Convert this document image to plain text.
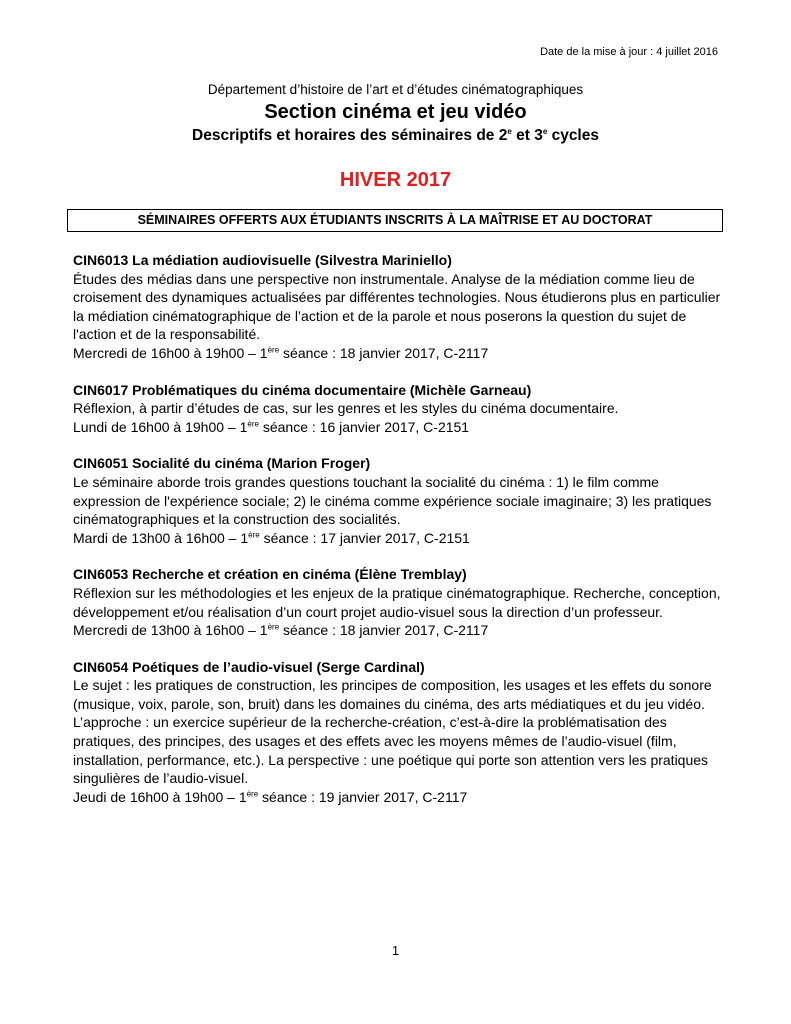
Date de la mise à jour : 4 juillet 2016
Département d’histoire de l’art et d’études cinématographiques
Section cinéma et jeu vidéo
Descriptifs et horaires des séminaires de 2e et 3e cycles
HIVER 2017
SÉMINAIRES OFFERTS AUX ÉTUDIANTS INSCRITS À LA MAÎTRISE ET AU DOCTORAT
CIN6013 La médiation audiovisuelle (Silvestra Mariniello)
Études des médias dans une perspective non instrumentale. Analyse de la médiation comme lieu de croisement des dynamiques actualisées par différentes technologies. Nous étudierons plus en particulier la médiation cinématographique de l’action et de la parole et nous poserons la question du sujet de l'action et de la responsabilité.
Mercredi de 16h00 à 19h00 – 1ère séance : 18 janvier 2017, C-2117
CIN6017 Problématiques du cinéma documentaire (Michèle Garneau)
Réflexion, à partir d’études de cas, sur les genres et les styles du cinéma documentaire.
Lundi de 16h00 à 19h00 – 1ère séance : 16 janvier 2017, C-2151
CIN6051 Socialité du cinéma (Marion Froger)
Le séminaire aborde trois grandes questions touchant la socialité du cinéma : 1) le film comme expression de l'expérience sociale; 2) le cinéma comme expérience sociale imaginaire; 3) les pratiques cinématographiques et la construction des socialités.
Mardi de 13h00 à 16h00 – 1ère séance : 17 janvier 2017, C-2151
CIN6053 Recherche et création en cinéma (Élène Tremblay)
Réflexion sur les méthodologies et les enjeux de la pratique cinématographique. Recherche, conception, développement et/ou réalisation d’un court projet audio-visuel sous la direction d’un professeur.
Mercredi de 13h00 à 16h00 – 1ère séance : 18 janvier 2017, C-2117
CIN6054 Poétiques de l’audio-visuel (Serge Cardinal)
Le sujet : les pratiques de construction, les principes de composition, les usages et les effets du sonore (musique, voix, parole, son, bruit) dans les domaines du cinéma, des arts médiatiques et du jeu vidéo. L’approche : un exercice supérieur de la recherche-création, c’est-à-dire la problématisation des pratiques, des principes, des usages et des effets avec les moyens mêmes de l’audio-visuel (film, installation, performance, etc.). La perspective : une poétique qui porte son attention vers les pratiques singulières de l’audio-visuel.
Jeudi de 16h00 à 19h00 – 1ère séance : 19 janvier 2017, C-2117
1
